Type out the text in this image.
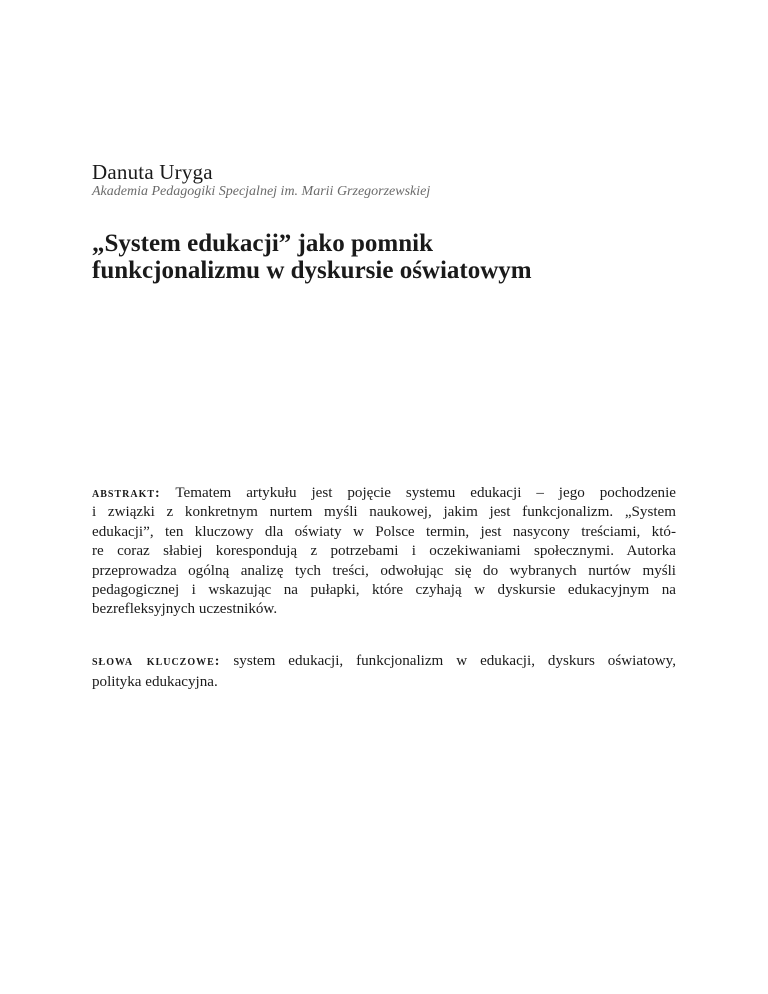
Danuta Uryga

Akademia Pedagogiki Specjalnej im. Marii Grzegorzewskiej

„System edukacji” jako pomnik
funkcjonalizmu w dyskursie oświatowym
abstrakt: Tematem artykułu jest pojęcie systemu edukacji – jego pochodzenie
i związki z konkretnym nurtem myśli naukowej, jakim jest funkcjonalizm. „System
edukacji”, ten kluczowy dla oświaty w Polsce termin, jest nasycony treściami, któ-
re coraz słabiej korespondują z potrzebami i oczekiwaniami społecznymi. Autorka
przeprowadza ogólną analizę tych treści, odwołując się do wybranych nurtów myśli
pedagogicznej i wskazując na pułapki, które czyhają w dyskursie edukacyjnym na
bezrefleksyjnych uczestników.
słowa kluczowe: system edukacji, funkcjonalizm w edukacji, dyskurs oświatowy,
polityka edukacyjna.
